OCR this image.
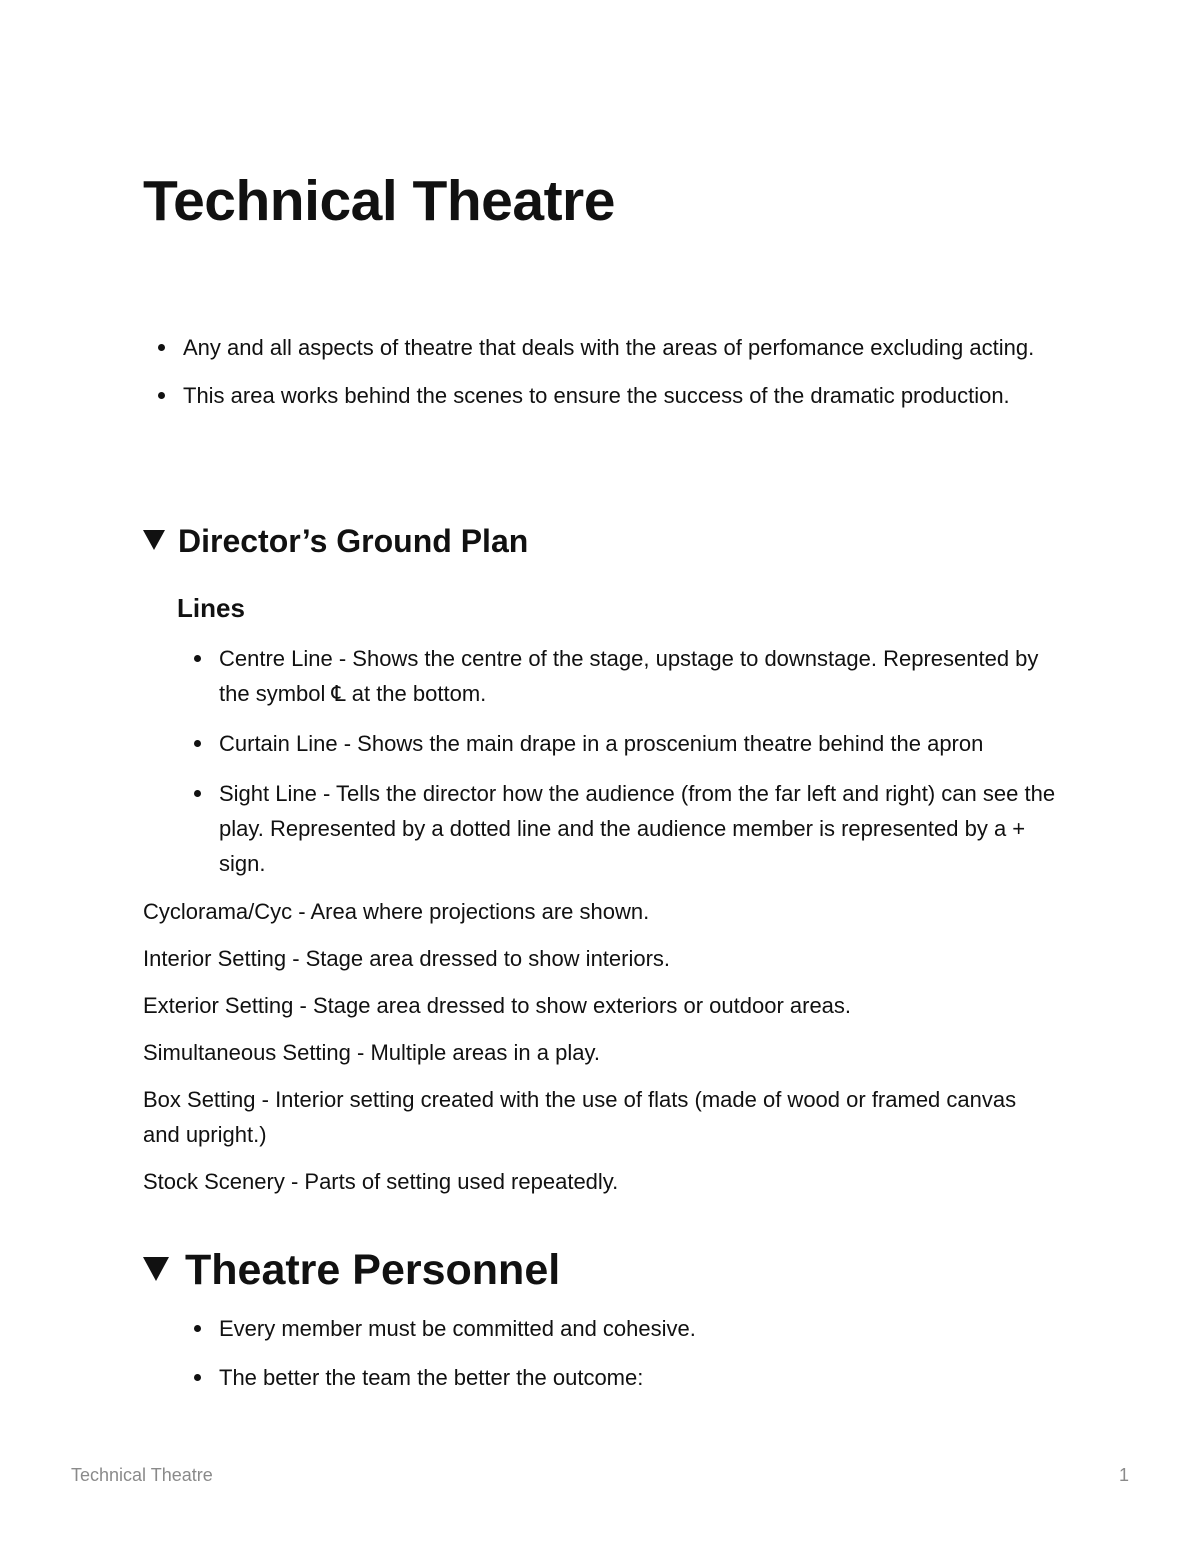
Technical Theatre
Any and all aspects of theatre that deals with the areas of perfomance excluding acting.
This area works behind the scenes to ensure the success of the dramatic production.
Director’s Ground Plan
Lines
Centre Line - Shows the centre of the stage, upstage to downstage. Represented by the symbol ℄ at the bottom.
Curtain Line - Shows the main drape in a proscenium theatre behind the apron
Sight Line - Tells the director how the audience (from the far left and right) can see the play. Represented by a dotted line and the audience member is represented by a + sign.

Cyclorama/Cyc - Area where projections are shown.

Interior Setting - Stage area dressed to show interiors.

Exterior Setting - Stage area dressed to show exteriors or outdoor areas.

Simultaneous Setting - Multiple areas in a play.

Box Setting - Interior setting created with the use of flats (made of wood or framed canvas and upright.)

Stock Scenery - Parts of setting used repeatedly.

Theatre Personnel
Every member must be committed and cohesive.
The better the team the better the outcome:
Technical Theatre	1
